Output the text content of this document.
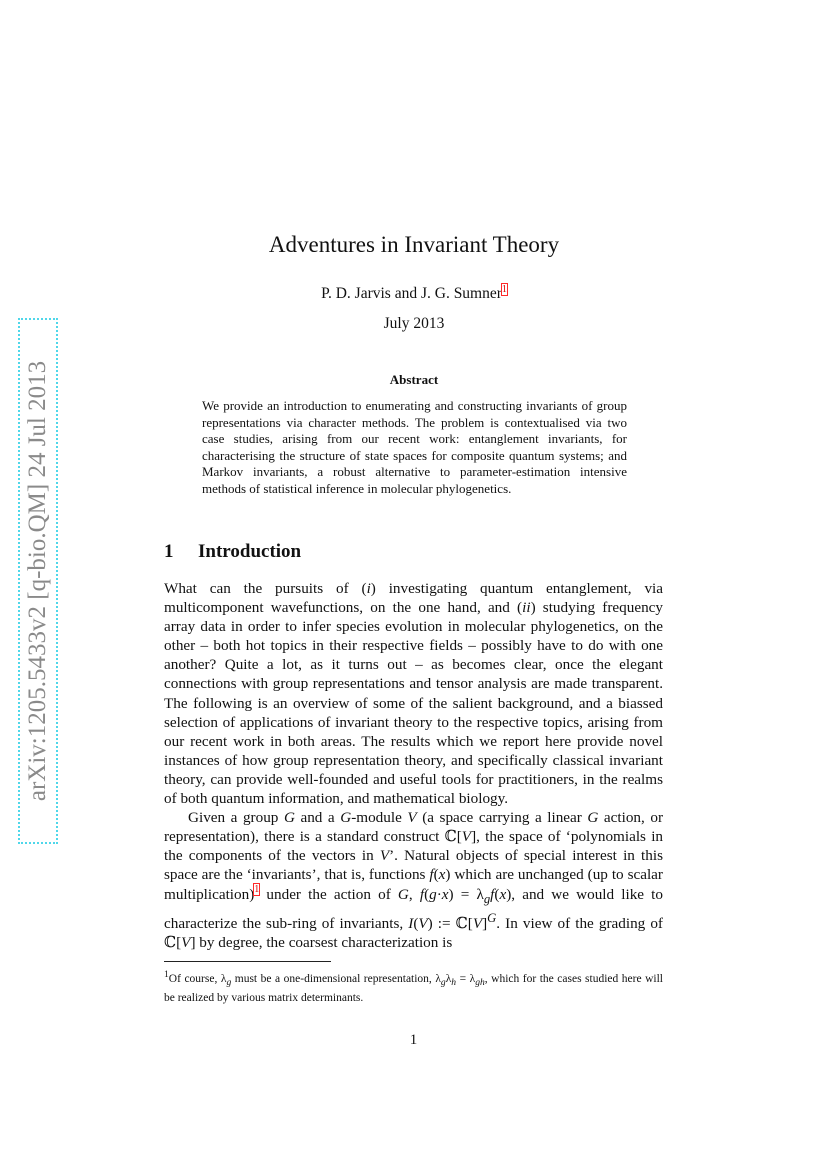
arXiv:1205.5433v2 [q-bio.QM] 24 Jul 2013
Adventures in Invariant Theory
P. D. Jarvis and J. G. Sumner$^1$
July 2013
Abstract
We provide an introduction to enumerating and constructing invariants of group representations via character methods. The problem is contextualised via two case studies, arising from our recent work: entanglement invariants, for characterising the structure of state spaces for composite quantum systems; and Markov invariants, a robust alternative to parameter-estimation intensive methods of statistical inference in molecular phylogenetics.
1 Introduction

What can the pursuits of (i) investigating quantum entanglement, via multicomponent wavefunctions, on the one hand, and (ii) studying frequency array data in order to infer species evolution in molecular phylogenetics, on the other – both hot topics in their respective fields – possibly have to do with one another? Quite a lot, as it turns out – as becomes clear, once the elegant connections with group representations and tensor analysis are made transparent. The following is an overview of some of the salient background, and a biassed selection of applications of invariant theory to the respective topics, arising from our recent work in both areas. The results which we report here provide novel instances of how group representation theory, and specifically classical invariant theory, can provide well-founded and useful tools for practitioners, in the realms of both quantum information, and mathematical biology.

Given a group G and a G-module V (a space carrying a linear G action, or representation), there is a standard construct ℂ[V], the space of ‘polynomials in the components of the vectors in V’. Natural objects of special interest in this space are the ‘invariants’, that is, functions f(x) which are unchanged (up to scalar multiplication)$^1$ under the action of G, $f(g\cdot x) = \lambda_gf(x)$, and we would like to characterize the sub-ring of invariants, I(V) := $ℂ[V]^G$. In view of the grading of ℂ[V] by degree, the coarsest characterization is

$^1$Of course, $\lambda_g$ must be a one-dimensional representation, $\lambda_g\lambda_h = \lambda_{gh}$, which for the cases studied here will be realized by various matrix determinants.
1
